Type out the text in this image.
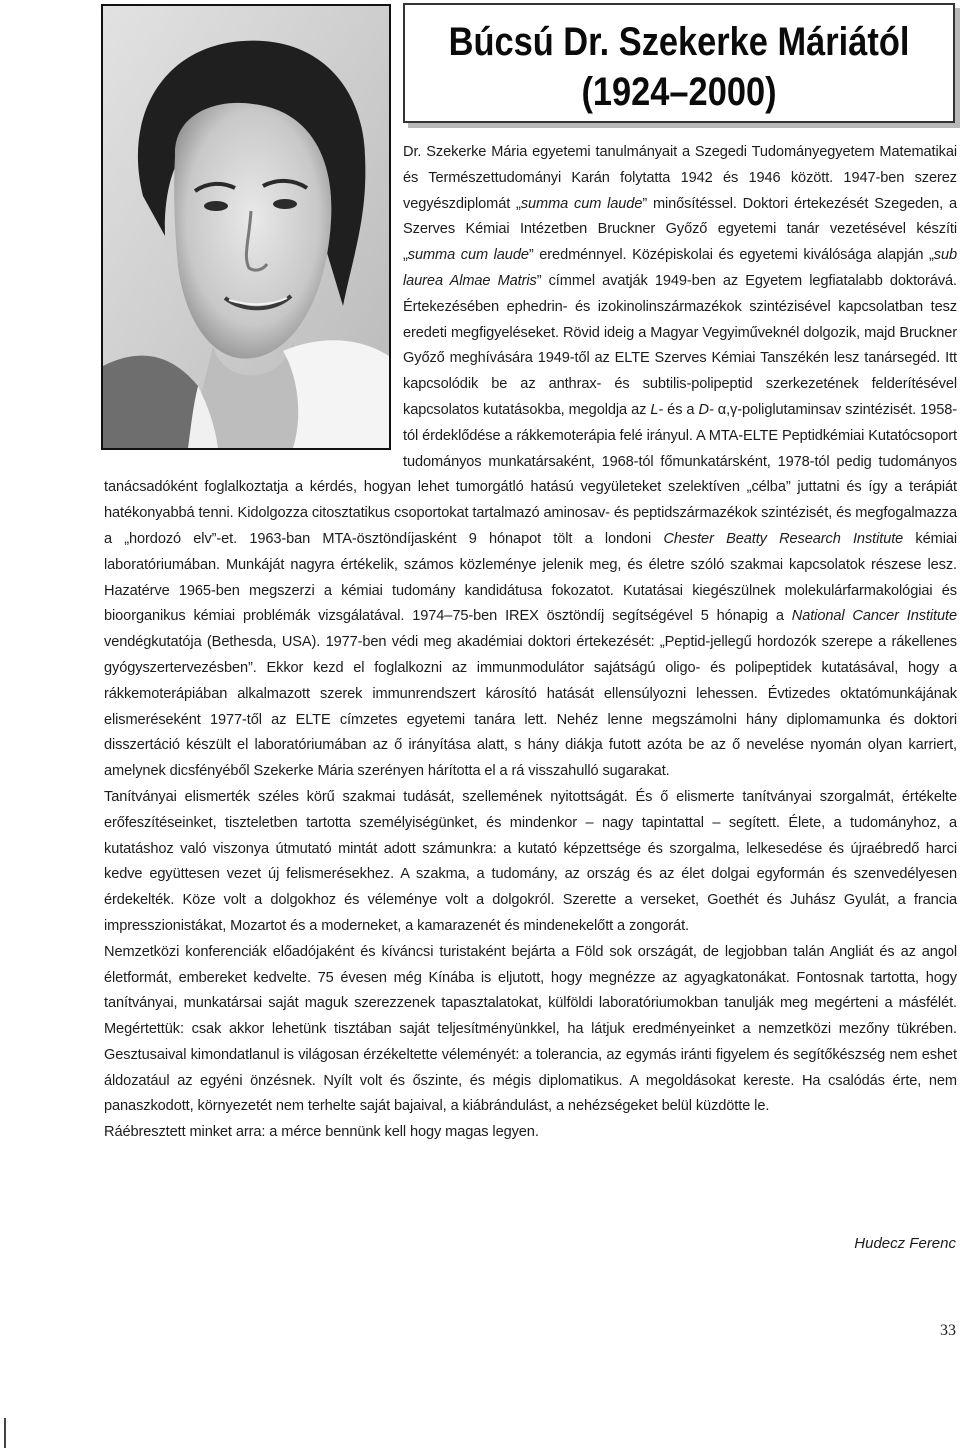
Búcsú Dr. Szekerke Máriától
(1924–2000)

Dr. Szekerke Mária egyetemi tanulmányait a Szegedi Tudományegyetem Matematikai és Természettudományi Karán folytatta 1942 és 1946 között. 1947-ben szerez vegyészdiplomát „summa cum laude” minősítéssel. Doktori értekezését Szegeden, a Szerves Kémiai Intézetben Bruckner Győző egyetemi tanár vezetésével készíti „summa cum laude” eredménnyel. Középiskolai és egyetemi kiválósága alapján „sub laurea Almae Matris” címmel avatják 1949-ben az Egyetem legfiatalabb doktorává. Értekezésében ephedrin- és izokinolinszármazékok szintézisével kapcsolatban tesz eredeti megfigyeléseket. Rövid ideig a Magyar Vegyiműveknél dolgozik, majd Bruckner Győző meghívására 1949-től az ELTE Szerves Kémiai Tanszékén lesz tanársegéd. Itt kapcsolódik be az anthrax- és subtilis-polipeptid szerkezetének felderítésével kapcsolatos kutatásokba, megoldja az L- és a D- α,γ-poliglutaminsav szintézisét. 1958-tól érdeklődése a rákkemoterápia felé irányul. A MTA-ELTE Peptidkémiai Kutatócsoport tudományos munkatársaként, 1968-tól főmunkatársként, 1978-tól pedig tudományos tanácsadóként foglalkoztatja a kérdés, hogyan lehet tumorgátló hatású vegyületeket szelektíven „célba” juttatni és így a terápiát hatékonyabbá tenni. Kidolgozza citosztatikus csoportokat tartalmazó aminosav- és peptidszármazékok szintézisét, és megfogalmazza a „hordozó elv”-et. 1963-ban MTA-ösztöndíjasként 9 hónapot tölt a londoni Chester Beatty Research Institute kémiai laboratóriumában. Munkáját nagyra értékelik, számos közleménye jelenik meg, és életre szóló szakmai kapcsolatok részese lesz. Hazatérve 1965-ben megszerzi a kémiai tudomány kandidátusa fokozatot. Kutatásai kiegészülnek molekulárfarmakológiai és bioorganikus kémiai problémák vizsgálatával. 1974–75-ben IREX ösztöndíj segítségével 5 hónapig a National Cancer Institute vendégkutatója (Bethesda, USA). 1977-ben védi meg akadémiai doktori értekezését: „Peptid-jellegű hordozók szerepe a rákellenes gyógyszertervezésben”. Ekkor kezd el foglalkozni az immunmodulátor sajátságú oligo- és polipeptidek kutatásával, hogy a rákkemoterápiában alkalmazott szerek immunrendszert károsító hatását ellensúlyozni lehessen. Évtizedes oktatómunkájának elismeréseként 1977-től az ELTE címzetes egyetemi tanára lett. Nehéz lenne megszámolni hány diplomamunka és doktori disszertáció készült el laboratóriumában az ő irányítása alatt, s hány diákja futott azóta be az ő nevelése nyomán olyan karriert, amelynek dicsfényéből Szekerke Mária szerényen hárította el a rá visszahulló sugarakat.

Tanítványai elismerték széles körű szakmai tudását, szellemének nyitottságát. És ő elismerte tanítványai szorgalmát, értékelte erőfeszítéseinket, tiszteletben tartotta személyiségünket, és mindenkor – nagy tapintattal – segített. Élete, a tudományhoz, a kutatáshoz való viszonya útmutató mintát adott számunkra: a kutató képzettsége és szorgalma, lelkesedése és újraébredő harci kedve együttesen vezet új felismerésekhez. A szakma, a tudomány, az ország és az élet dolgai egyformán és szenvedélyesen érdekelték. Köze volt a dolgokhoz és véleménye volt a dolgokról. Szerette a verseket, Goethét és Juhász Gyulát, a francia impresszionistákat, Mozartot és a moderneket, a kamarazenét és mindenekelőtt a zongorát.

Nemzetközi konferenciák előadójaként és kíváncsi turistaként bejárta a Föld sok országát, de legjobban talán Angliát és az angol életformát, embereket kedvelte. 75 évesen még Kínába is eljutott, hogy megnézze az agyagkatonákat. Fontosnak tartotta, hogy tanítványai, munkatársai saját maguk szerezzenek tapasztalatokat, külföldi laboratóriumokban tanulják meg megérteni a másfélét. Megértettük: csak akkor lehetünk tisztában saját teljesítményünkkel, ha látjuk eredményeinket a nemzetközi mezőny tükrében. Gesztusaival kimondatlanul is világosan érzékeltette véleményét: a tolerancia, az egymás iránti figyelem és segítőkészség nem eshet áldozatául az egyéni önzésnek. Nyílt volt és őszinte, és mégis diplomatikus. A megoldásokat kereste. Ha csalódás érte, nem panaszkodott, környezetét nem terhelte saját bajaival, a kiábrándulást, a nehézségeket belül küzdötte le.

Ráébresztett minket arra: a mérce bennünk kell hogy magas legyen.

Hudecz Ferenc
33
